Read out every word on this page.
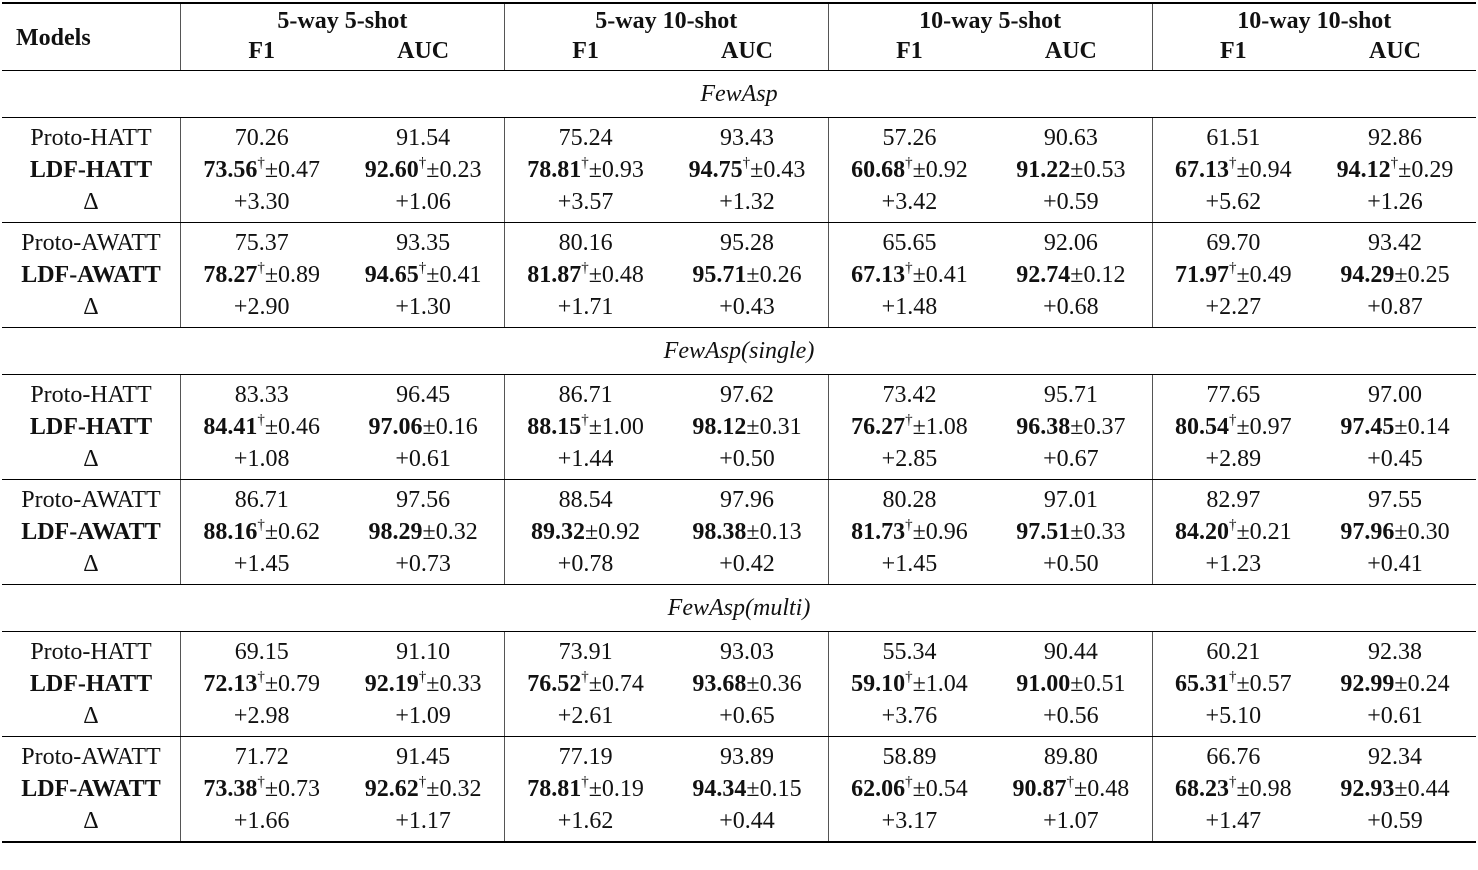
Models	5-way 5-shot		5-way 10-shot		10-way 5-shot		10-way 10-shot	
	F1	AUC	F1	AUC	F1	AUC	F1	AUC
FewAsp								
Proto-HATT	70.26	91.54	75.24	93.43	57.26	90.63	61.51	92.86
LDF-HATT	73.56†±0.47	92.60†±0.23	78.81†±0.93	94.75†±0.43	60.68†±0.92	91.22±0.53	67.13†±0.94	94.12†±0.29
Δ	+3.30	+1.06	+3.57	+1.32	+3.42	+0.59	+5.62	+1.26
Proto-AWATT	75.37	93.35	80.16	95.28	65.65	92.06	69.70	93.42
LDF-AWATT	78.27†±0.89	94.65†±0.41	81.87†±0.48	95.71±0.26	67.13†±0.41	92.74±0.12	71.97†±0.49	94.29±0.25
Δ	+2.90	+1.30	+1.71	+0.43	+1.48	+0.68	+2.27	+0.87
FewAsp(single)								
Proto-HATT	83.33	96.45	86.71	97.62	73.42	95.71	77.65	97.00
LDF-HATT	84.41†±0.46	97.06±0.16	88.15†±1.00	98.12±0.31	76.27†±1.08	96.38±0.37	80.54†±0.97	97.45±0.14
Δ	+1.08	+0.61	+1.44	+0.50	+2.85	+0.67	+2.89	+0.45
Proto-AWATT	86.71	97.56	88.54	97.96	80.28	97.01	82.97	97.55
LDF-AWATT	88.16†±0.62	98.29±0.32	89.32±0.92	98.38±0.13	81.73†±0.96	97.51±0.33	84.20†±0.21	97.96±0.30
Δ	+1.45	+0.73	+0.78	+0.42	+1.45	+0.50	+1.23	+0.41
FewAsp(multi)								
Proto-HATT	69.15	91.10	73.91	93.03	55.34	90.44	60.21	92.38
LDF-HATT	72.13†±0.79	92.19†±0.33	76.52†±0.74	93.68±0.36	59.10†±1.04	91.00±0.51	65.31†±0.57	92.99±0.24
Δ	+2.98	+1.09	+2.61	+0.65	+3.76	+0.56	+5.10	+0.61
Proto-AWATT	71.72	91.45	77.19	93.89	58.89	89.80	66.76	92.34
LDF-AWATT	73.38†±0.73	92.62†±0.32	78.81†±0.19	94.34±0.15	62.06†±0.54	90.87†±0.48	68.23†±0.98	92.93±0.44
Δ	+1.66	+1.17	+1.62	+0.44	+3.17	+1.07	+1.47	+0.59
